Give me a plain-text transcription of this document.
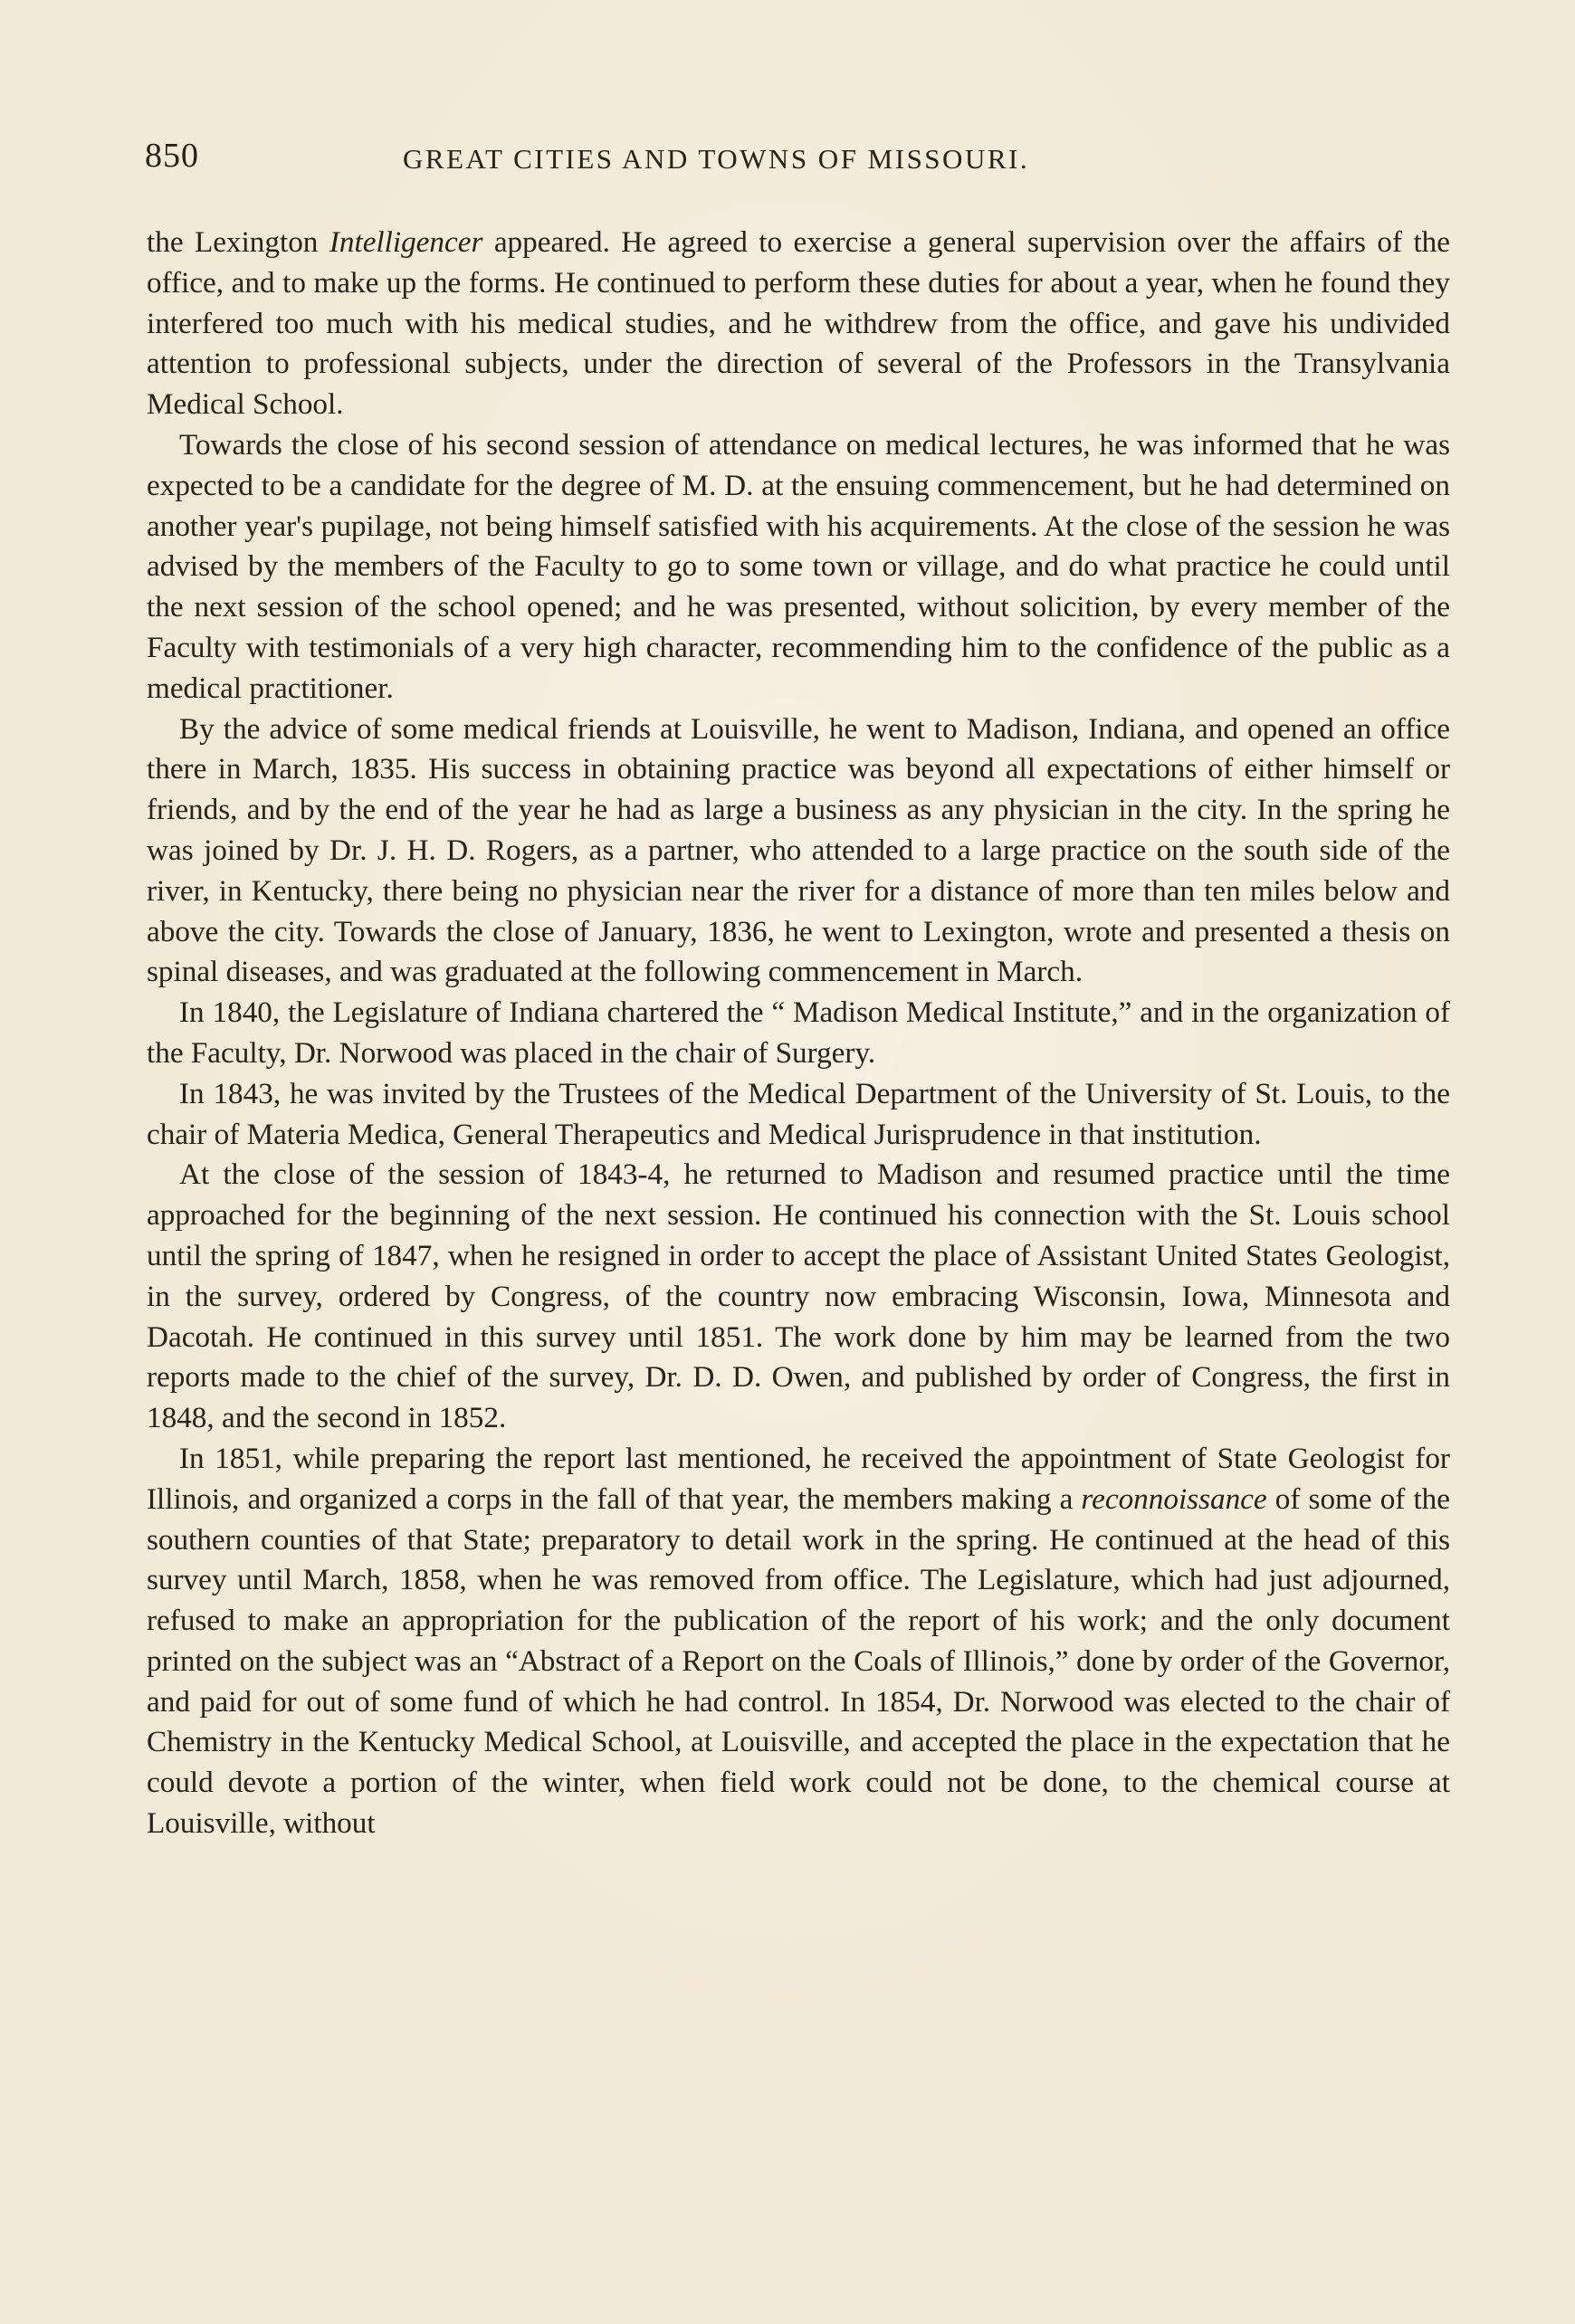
850	GREAT CITIES AND TOWNS OF MISSOURI.

the Lexington Intelligencer appeared. He agreed to exercise a general supervision over the affairs of the office, and to make up the forms. He continued to perform these duties for about a year, when he found they interfered too much with his medical studies, and he withdrew from the office, and gave his undivided attention to professional subjects, under the direction of several of the Professors in the Transylvania Medical School.

Towards the close of his second session of attendance on medical lectures, he was informed that he was expected to be a candidate for the degree of M. D. at the ensuing commencement, but he had determined on another year's pupilage, not being himself satisfied with his acquirements. At the close of the session he was advised by the members of the Faculty to go to some town or village, and do what practice he could until the next session of the school opened; and he was presented, without solicition, by every member of the Faculty with testimonials of a very high character, recommending him to the confidence of the public as a medical practitioner.

By the advice of some medical friends at Louisville, he went to Madison, Indiana, and opened an office there in March, 1835. His success in obtaining practice was beyond all expectations of either himself or friends, and by the end of the year he had as large a business as any physician in the city. In the spring he was joined by Dr. J. H. D. Rogers, as a partner, who attended to a large practice on the south side of the river, in Kentucky, there being no physician near the river for a distance of more than ten miles below and above the city. Towards the close of January, 1836, he went to Lexington, wrote and presented a thesis on spinal diseases, and was graduated at the following commencement in March.

In 1840, the Legislature of Indiana chartered the “ Madison Medical Institute,” and in the organization of the Faculty, Dr. Norwood was placed in the chair of Surgery.

In 1843, he was invited by the Trustees of the Medical Department of the University of St. Louis, to the chair of Materia Medica, General Therapeutics and Medical Jurisprudence in that institution.

At the close of the session of 1843-4, he returned to Madison and resumed practice until the time approached for the beginning of the next session. He continued his connection with the St. Louis school until the spring of 1847, when he resigned in order to accept the place of Assistant United States Geologist, in the survey, ordered by Congress, of the country now embracing Wisconsin, Iowa, Minnesota and Dacotah. He continued in this survey until 1851. The work done by him may be learned from the two reports made to the chief of the survey, Dr. D. D. Owen, and published by order of Congress, the first in 1848, and the second in 1852.

In 1851, while preparing the report last mentioned, he received the appointment of State Geologist for Illinois, and organized a corps in the fall of that year, the members making a reconnoissance of some of the southern counties of that State; preparatory to detail work in the spring. He continued at the head of this survey until March, 1858, when he was removed from office. The Legislature, which had just adjourned, refused to make an appropriation for the publication of the report of his work; and the only document printed on the subject was an “Abstract of a Report on the Coals of Illinois,” done by order of the Governor, and paid for out of some fund of which he had control. In 1854, Dr. Norwood was elected to the chair of Chemistry in the Kentucky Medical School, at Louisville, and accepted the place in the expectation that he could devote a portion of the winter, when field work could not be done, to the chemical course at Louisville, without
